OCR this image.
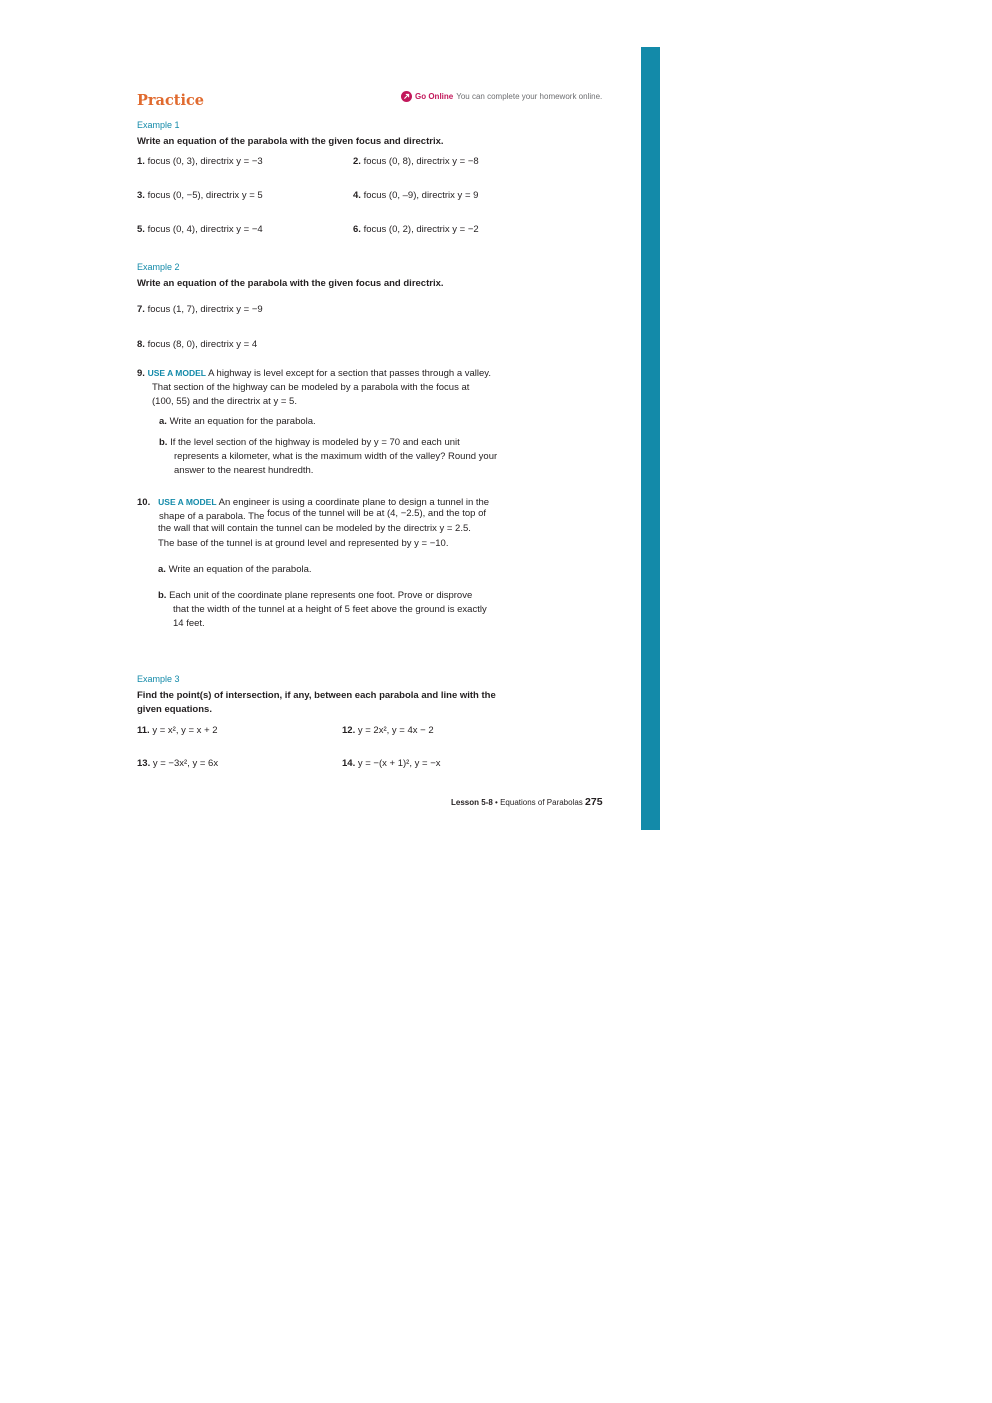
Practice	Go Online You can complete your homework online.
Example 1
Write an equation of the parabola with the given focus and directrix.
1. focus (0, 3), directrix y = −3	2. focus (0, 8), directrix y = −8
3. focus (0, −5), directrix y = 5	4. focus (0, –9), directrix y = 9
5. focus (0, 4), directrix y = −4	6. focus (0, 2), directrix y = −2
Example 2
Write an equation of the parabola with the given focus and directrix.
7. focus (1, 7), directrix y = −9
8. focus (8, 0), directrix y = 4
9. USE A MODEL A highway is level except for a section that passes through a valley.
That section of the highway can be modeled by a parabola with the focus at
(100, 55) and the directrix at y = 5.
a. Write an equation for the parabola.
b. If the level section of the highway is modeled by y = 70 and each unit
represents a kilometer, what is the maximum width of the valley? Round your
answer to the nearest hundredth.
10. USE A MODEL An engineer is using a coordinate plane to design a tunnel in the
shape of a parabola. The focus of the tunnel will be at (4, −2.5), and the top of
the wall that will contain the tunnel can be modeled by the directrix y = 2.5.
The base of the tunnel is at ground level and represented by y = −10.
a. Write an equation of the parabola.
b. Each unit of the coordinate plane represents one foot. Prove or disprove
that the width of the tunnel at a height of 5 feet above the ground is exactly
14 feet.
Example 3
Find the point(s) of intersection, if any, between each parabola and line with the
given equations.
11. y = x², y = x + 2	12. y = 2x², y = 4x − 2
13. y = −3x², y = 6x	14. y = −(x + 1)², y = −x
Lesson 5-8 • Equations of Parabolas 275
